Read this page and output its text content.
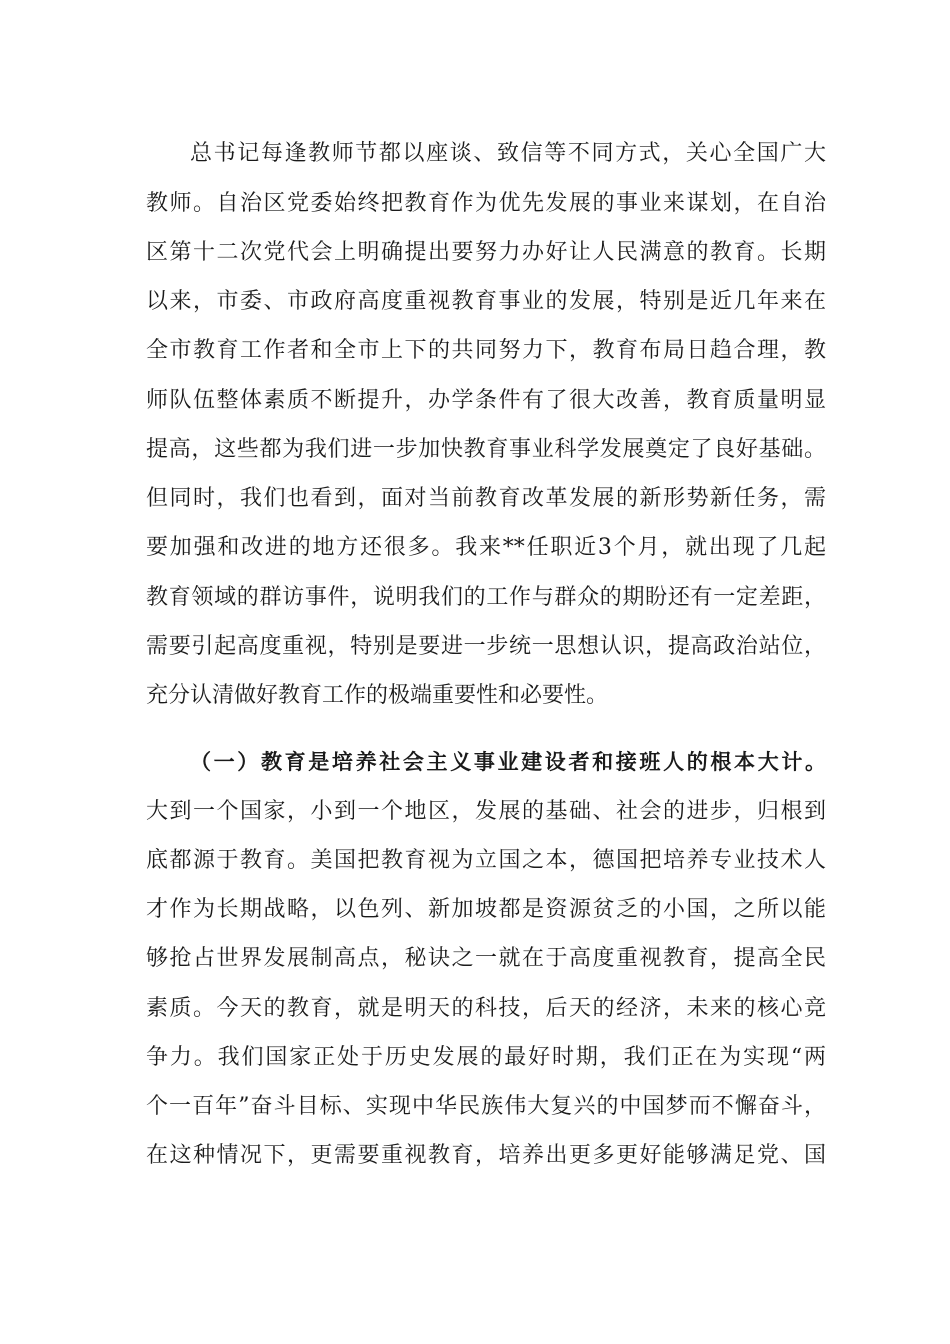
总书记每逢教师节都以座谈、致信等不同方式，关心全国广大
教师。自治区党委始终把教育作为优先发展的事业来谋划，在自治
区第十二次党代会上明确提出要努力办好让人民满意的教育。长期
以来，市委、市政府高度重视教育事业的发展，特别是近几年来在
全市教育工作者和全市上下的共同努力下，教育布局日趋合理，教
师队伍整体素质不断提升，办学条件有了很大改善，教育质量明显
提高，这些都为我们进一步加快教育事业科学发展奠定了良好基础。
但同时，我们也看到，面对当前教育改革发展的新形势新任务，需
要加强和改进的地方还很多。我来**任职近3个月，就出现了几起
教育领域的群访事件，说明我们的工作与群众的期盼还有一定差距，
需要引起高度重视，特别是要进一步统一思想认识，提高政治站位，
充分认清做好教育工作的极端重要性和必要性。
（一）教育是培养社会主义事业建设者和接班人的根本大计。
大到一个国家，小到一个地区，发展的基础、社会的进步，归根到
底都源于教育。美国把教育视为立国之本，德国把培养专业技术人
才作为长期战略，以色列、新加坡都是资源贫乏的小国，之所以能
够抢占世界发展制高点，秘诀之一就在于高度重视教育，提高全民
素质。今天的教育，就是明天的科技，后天的经济，未来的核心竞
争力。我们国家正处于历史发展的最好时期，我们正在为实现“两
个一百年”奋斗目标、实现中华民族伟大复兴的中国梦而不懈奋斗，
在这种情况下，更需要重视教育，培养出更多更好能够满足党、国
